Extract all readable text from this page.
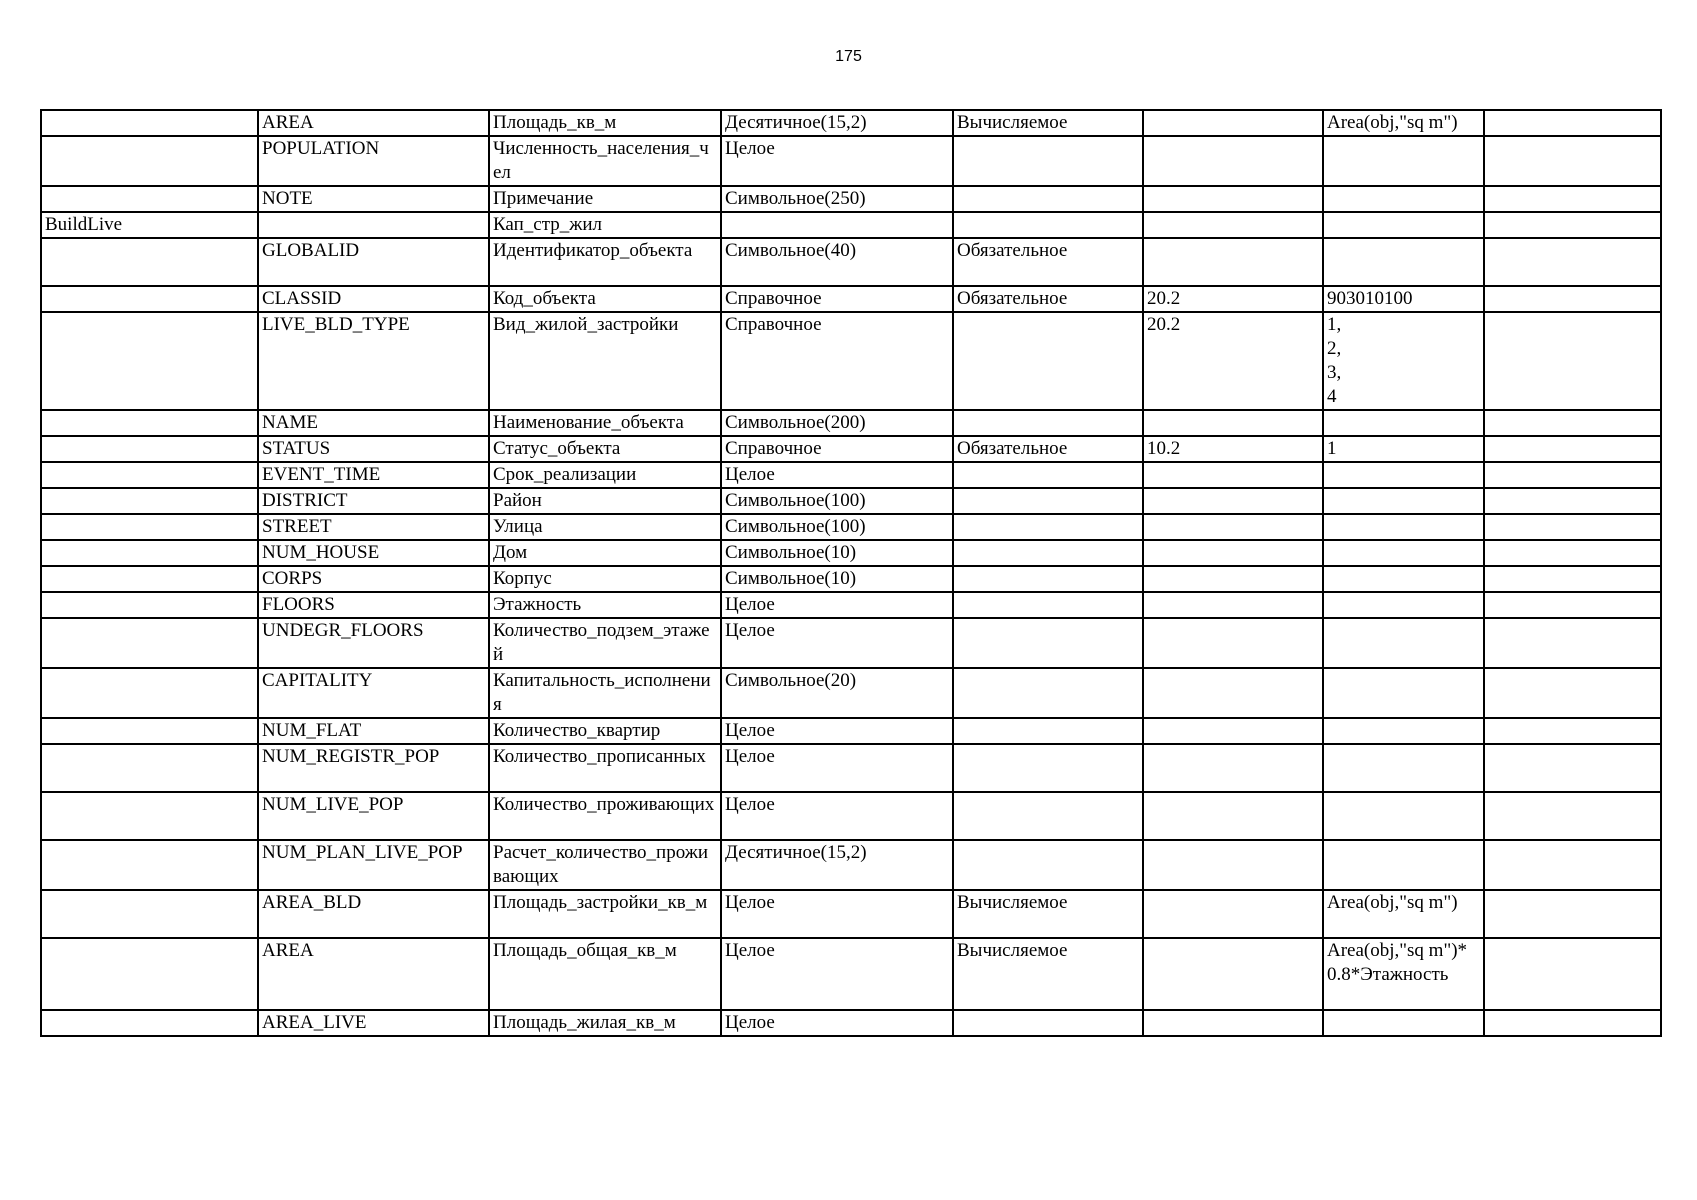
175
	AREA	Площадь_кв_м	Десятичное(15,2)	Вычисляемое		Area(obj,"sq m")	
	POPULATION	Численность_населения_чел	Целое				
	NOTE	Примечание	Символьное(250)				
BuildLive		Кап_стр_жил					
	GLOBALID	Идентификатор_объекта	Символьное(40)	Обязательное			
	CLASSID	Код_объекта	Справочное	Обязательное	20.2	903010100	
	LIVE_BLD_TYPE	Вид_жилой_застройки	Справочное		20.2	1,
2,
3,
4	
	NAME	Наименование_объекта	Символьное(200)				
	STATUS	Статус_объекта	Справочное	Обязательное	10.2	1	
	EVENT_TIME	Срок_реализации	Целое				
	DISTRICT	Район	Символьное(100)				
	STREET	Улица	Символьное(100)				
	NUM_HOUSE	Дом	Символьное(10)				
	CORPS	Корпус	Символьное(10)				
	FLOORS	Этажность	Целое				
	UNDEGR_FLOORS	Количество_подзем_этажей	Целое				
	CAPITALITY	Капитальность_исполнения	Символьное(20)				
	NUM_FLAT	Количество_квартир	Целое				
	NUM_REGISTR_POP	Количество_прописанных	Целое				
	NUM_LIVE_POP	Количество_проживающих	Целое				
	NUM_PLAN_LIVE_POP	Расчет_количество_проживающих	Десятичное(15,2)				
	AREA_BLD	Площадь_застройки_кв_м	Целое	Вычисляемое		Area(obj,"sq m")	
	AREA	Площадь_общая_кв_м	Целое	Вычисляемое		Area(obj,"sq m")*0.8*Этажность	
	AREA_LIVE	Площадь_жилая_кв_м	Целое				
